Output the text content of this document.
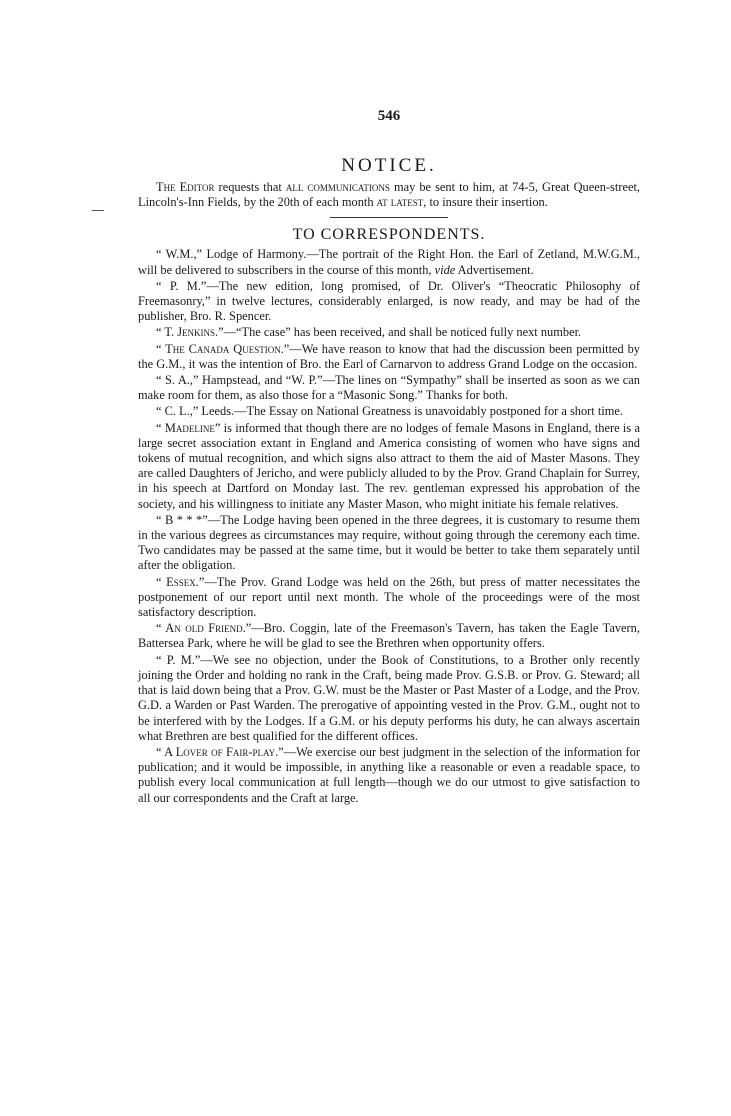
546
NOTICE.

The Editor requests that all communications may be sent to him, at 74-5, Great Queen-street, Lincoln's-Inn Fields, by the 20th of each month at latest, to insure their insertion.

TO CORRESPONDENTS.

“ W.M.,” Lodge of Harmony.—The portrait of the Right Hon. the Earl of Zetland, M.W.G.M., will be delivered to subscribers in the course of this month, vide Advertisement.

“ P. M.”—The new edition, long promised, of Dr. Oliver's “Theocratic Philosophy of Freemasonry,” in twelve lectures, considerably enlarged, is now ready, and may be had of the publisher, Bro. R. Spencer.

“ T. Jenkins.”—“The case” has been received, and shall be noticed fully next number.

“ The Canada Question.”—We have reason to know that had the discussion been permitted by the G.M., it was the intention of Bro. the Earl of Carnarvon to address Grand Lodge on the occasion.

“ S. A.,” Hampstead, and “W. P.”—The lines on “Sympathy” shall be inserted as soon as we can make room for them, as also those for a “Masonic Song.” Thanks for both.

“ C. L.,” Leeds.—The Essay on National Greatness is unavoidably postponed for a short time.

“ Madeline” is informed that though there are no lodges of female Masons in England, there is a large secret association extant in England and America consisting of women who have signs and tokens of mutual recognition, and which signs also attract to them the aid of Master Masons. They are called Daughters of Jericho, and were publicly alluded to by the Prov. Grand Chaplain for Surrey, in his speech at Dartford on Monday last. The rev. gentleman expressed his approbation of the society, and his willingness to initiate any Master Mason, who might initiate his female relatives.

“ B * * *”—The Lodge having been opened in the three degrees, it is customary to resume them in the various degrees as circumstances may require, without going through the ceremony each time. Two candidates may be passed at the same time, but it would be better to take them separately until after the obligation.

“ Essex.”—The Prov. Grand Lodge was held on the 26th, but press of matter necessitates the postponement of our report until next month. The whole of the proceedings were of the most satisfactory description.

“ An old Friend.”—Bro. Coggin, late of the Freemason's Tavern, has taken the Eagle Tavern, Battersea Park, where he will be glad to see the Brethren when opportunity offers.

“ P. M.”—We see no objection, under the Book of Constitutions, to a Brother only recently joining the Order and holding no rank in the Craft, being made Prov. G.S.B. or Prov. G. Steward; all that is laid down being that a Prov. G.W. must be the Master or Past Master of a Lodge, and the Prov. G.D. a Warden or Past Warden. The prerogative of appointing vested in the Prov. G.M., ought not to be interfered with by the Lodges. If a G.M. or his deputy performs his duty, he can always ascertain what Brethren are best qualified for the different offices.

“ A Lover of Fair-play.”—We exercise our best judgment in the selection of the information for publication; and it would be impossible, in anything like a reasonable or even a readable space, to publish every local communication at full length—though we do our utmost to give satisfaction to all our correspondents and the Craft at large.
